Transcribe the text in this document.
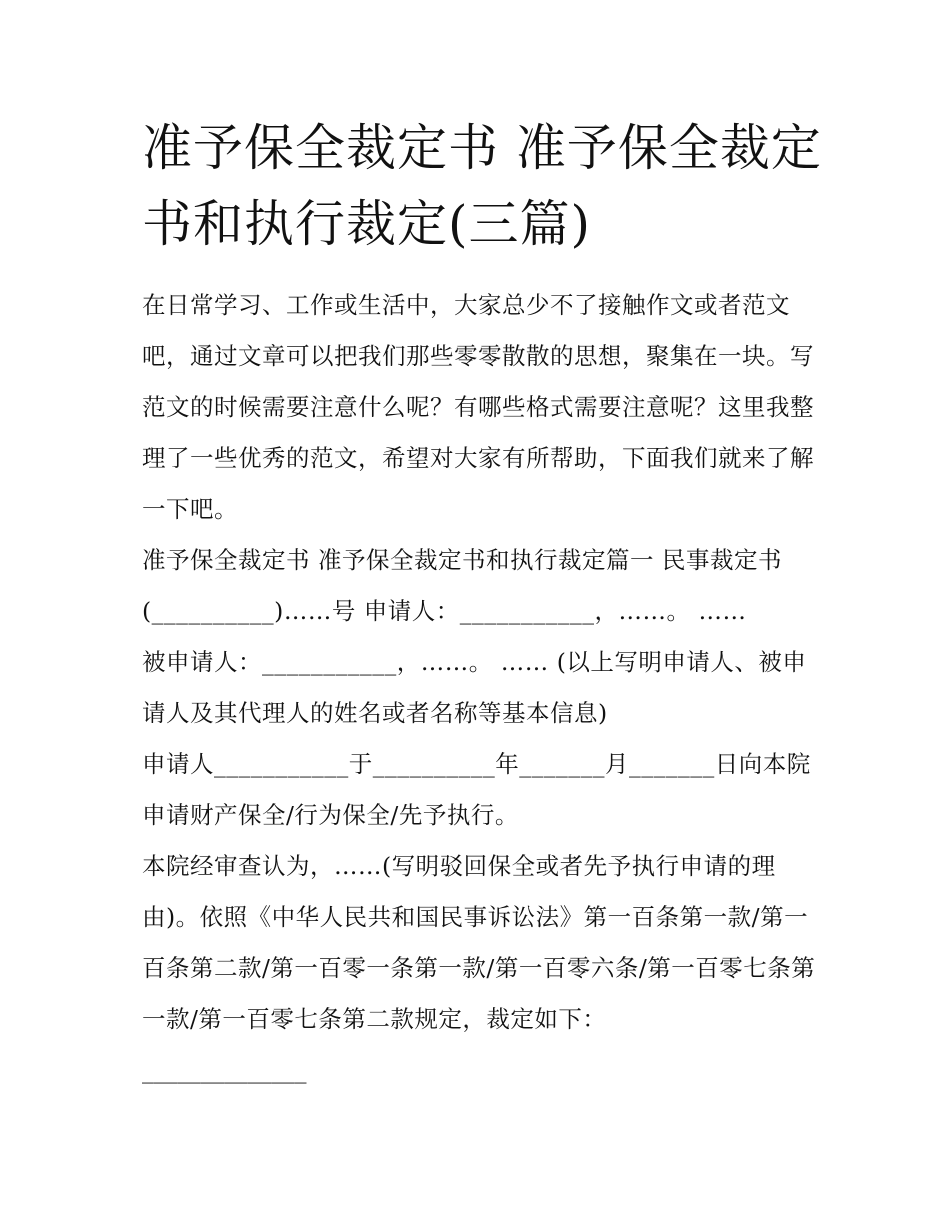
准予保全裁定书 准予保全裁定书和执行裁定(三篇)

在日常学习、工作或生活中，大家总少不了接触作文或者范文吧，通过文章可以把我们那些零零散散的思想，聚集在一块。写范文的时候需要注意什么呢？有哪些格式需要注意呢？这里我整理了一些优秀的范文，希望对大家有所帮助，下面我们就来了解一下吧。

准予保全裁定书 准予保全裁定书和执行裁定篇一 民事裁定书

(__________)……号 申请人：___________，……。 ……

被申请人：___________，……。 …… (以上写明申请人、被申请人及其代理人的姓名或者名称等基本信息)

申请人___________于__________年_______月_______日向本院申请财产保全/行为保全/先予执行。

本院经审查认为，……(写明驳回保全或者先予执行申请的理由)。依照《中华人民共和国民事诉讼法》第一百条第一款/第一百条第二款/第一百零一条第一款/第一百零六条/第一百零七条第一款/第一百零七条第二款规定，裁定如下：

______________
